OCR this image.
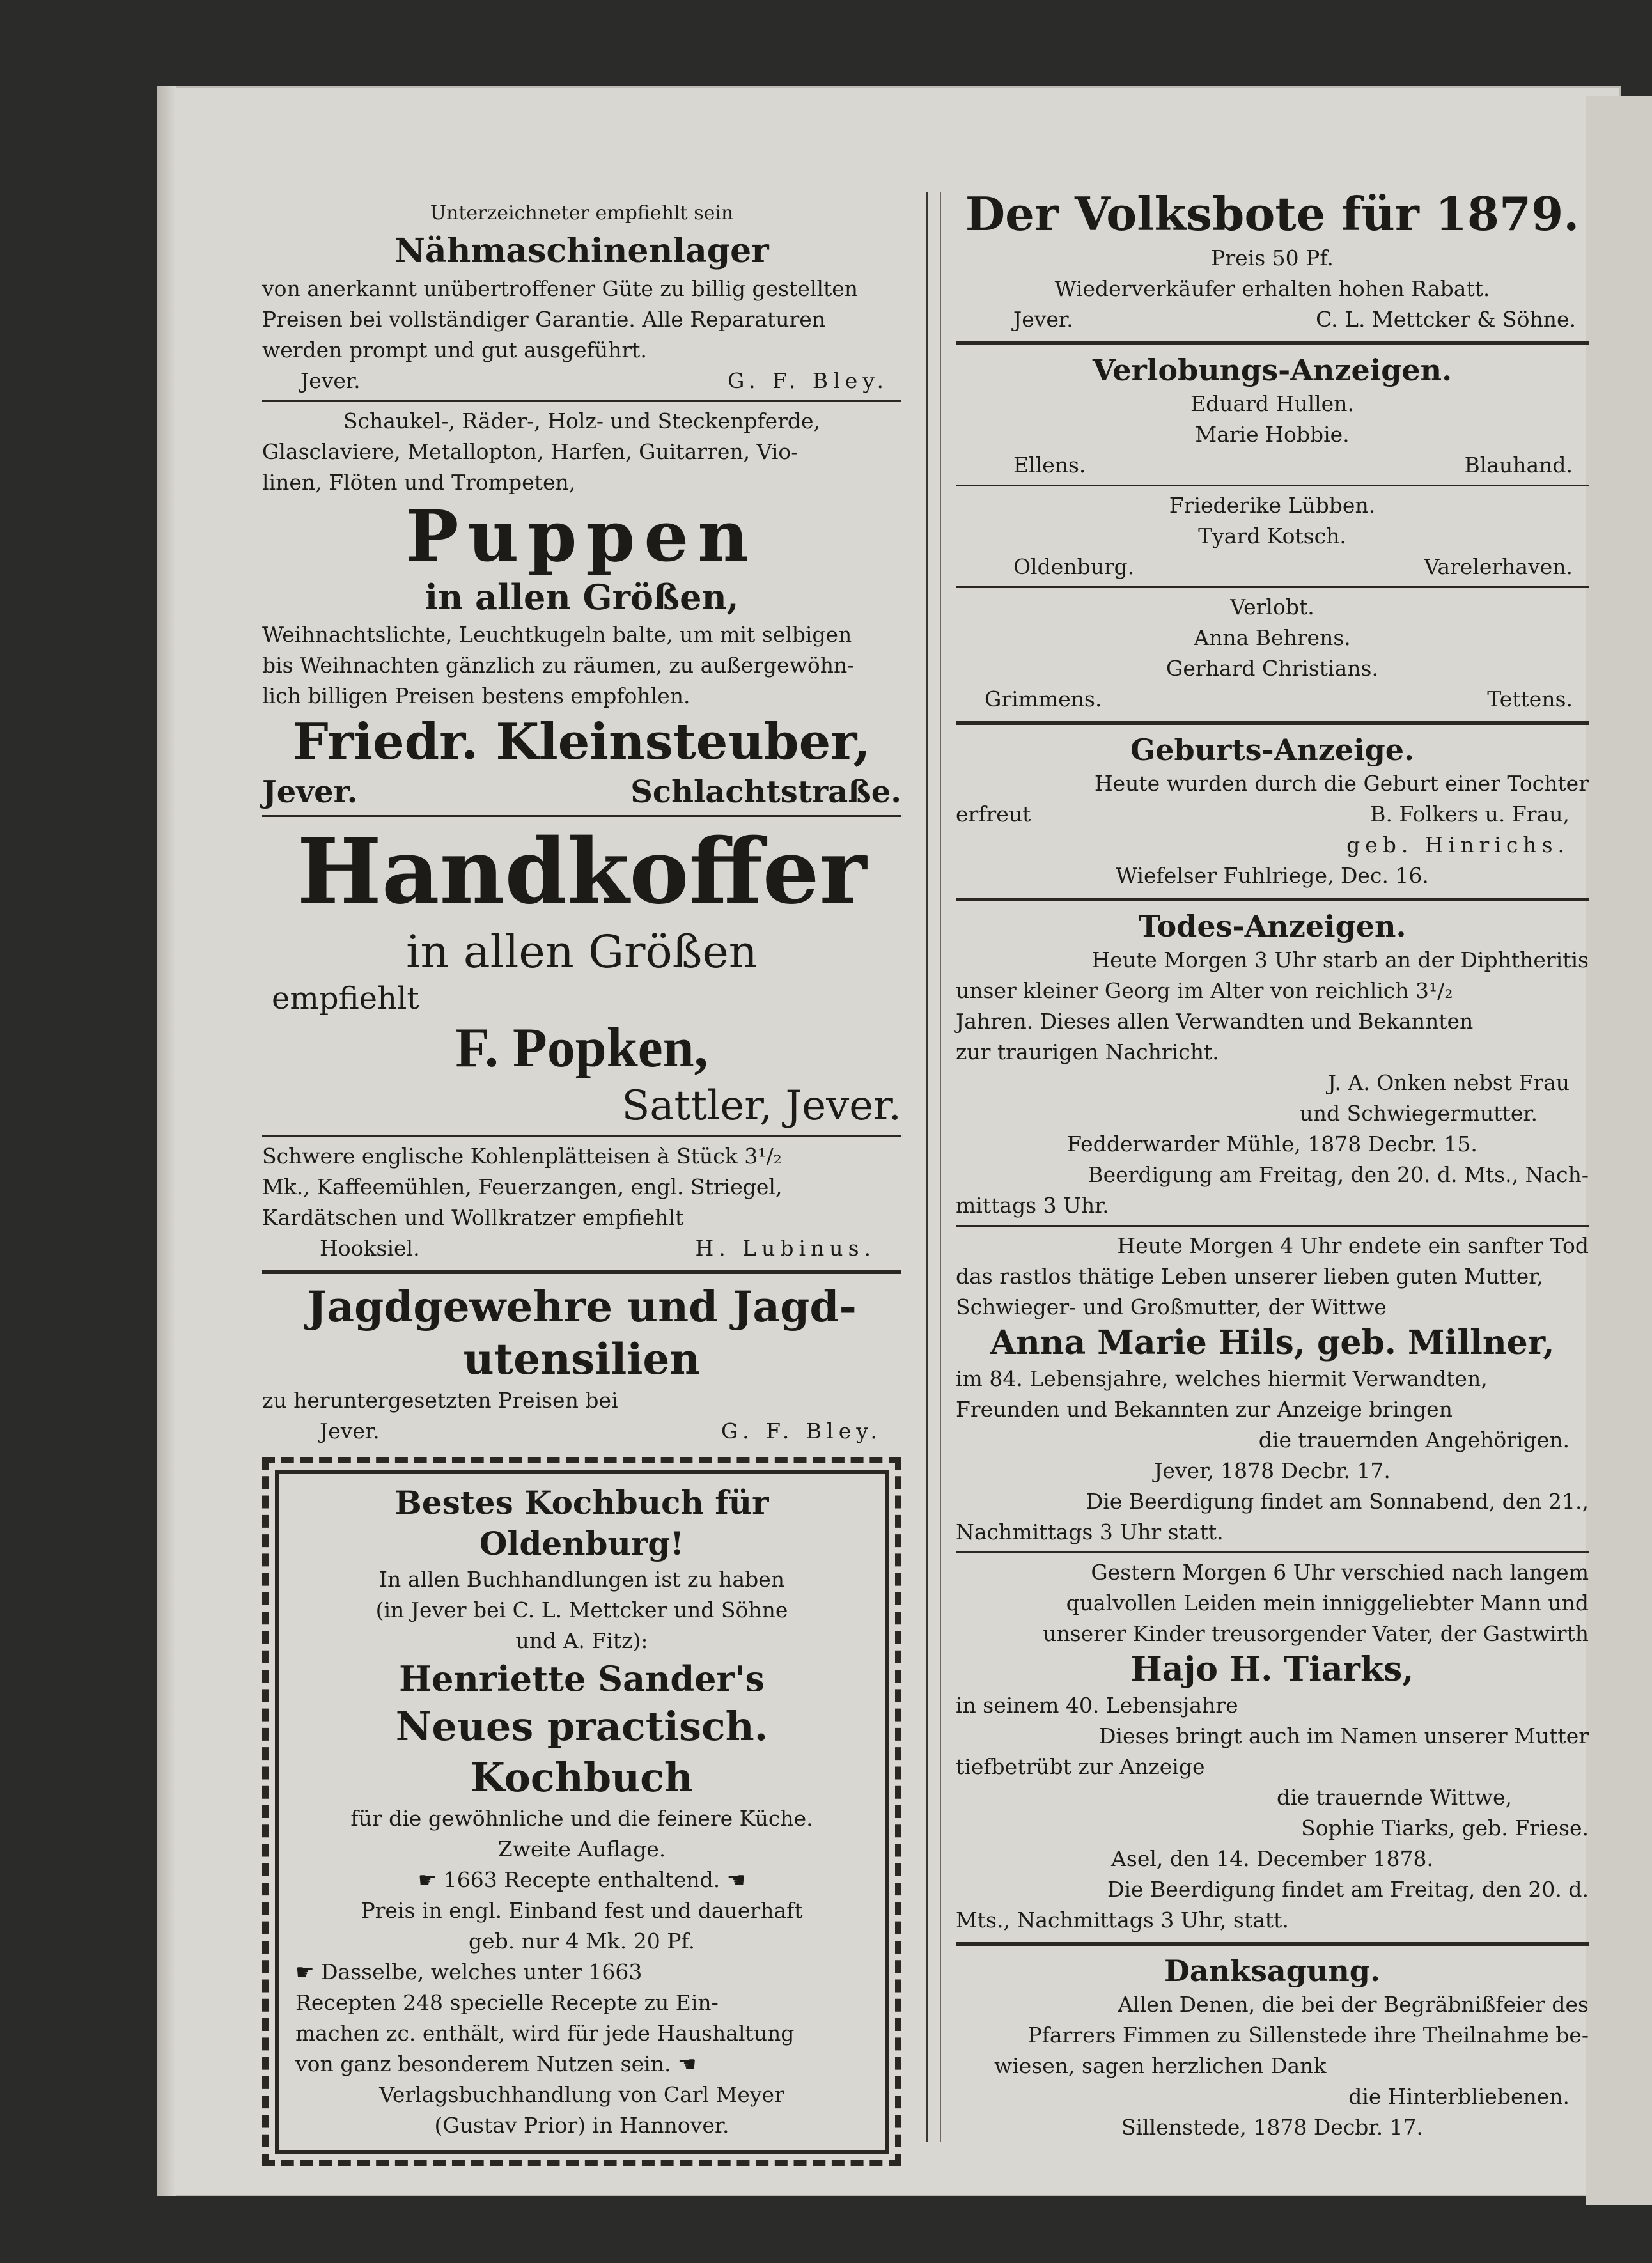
Unterzeichneter empfiehlt sein

Nähmaschinenlager

von anerkannt unübertroffener Güte zu billig gestellten

Preisen bei vollständiger Garantie. Alle Reparaturen

werden prompt und gut ausgeführt.

Jever.	G. F. Bley.

Schaukel-, Räder-, Holz- und Steckenpferde,

Glasclaviere, Metallopton, Harfen, Guitarren, Vio-

linen, Flöten und Trompeten,

Puppen

in allen Größen,

Weihnachtslichte, Leuchtkugeln balte, um mit selbigen

bis Weihnachten gänzlich zu räumen, zu außergewöhn-

lich billigen Preisen bestens empfohlen.

Friedr. Kleinsteuber,

Jever.	Schlachtstraße.

Handkoffer

in allen Größen

empfiehlt

F. Popken,

Sattler, Jever.

Schwere englische Kohlenplätteisen à Stück 3¹/₂

Mk., Kaffeemühlen, Feuerzangen, engl. Striegel,

Kardätschen und Wollkratzer empfiehlt

Hooksiel.	H. Lubinus.

Jagdgewehre und Jagd-

utensilien

zu heruntergesetzten Preisen bei

Jever.	G. F. Bley.

Bestes Kochbuch für Oldenburg!

In allen Buchhandlungen ist zu haben

(in Jever bei C. L. Mettcker und Söhne

und A. Fitz):

Henriette Sander's

Neues practisch. Kochbuch

für die gewöhnliche und die feinere Küche.

Zweite Auflage.

☛ 1663 Recepte enthaltend. ☚

Preis in engl. Einband fest und dauerhaft

geb. nur 4 Mk. 20 Pf.

☛ Dasselbe, welches unter 1663

Recepten 248 specielle Recepte zu Ein-

machen zc. enthält, wird für jede Haushaltung

von ganz besonderem Nutzen sein. ☚

Verlagsbuchhandlung von Carl Meyer

(Gustav Prior) in Hannover.

Der Volksbote für 1879.

Preis 50 Pf.

Wiederverkäufer erhalten hohen Rabatt.

Jever.	C. L. Mettcker & Söhne.

Verlobungs-Anzeigen.

Eduard Hullen.

Marie Hobbie.

Ellens.	Blauhand.

Friederike Lübben.

Tyard Kotsch.

Oldenburg.	Varelerhaven.

Verlobt.

Anna Behrens.

Gerhard Christians.

Grimmens.	Tettens.

Geburts-Anzeige.

Heute wurden durch die Geburt einer Tochter

erfreut	B. Folkers u. Frau,

geb. Hinrichs.

Wiefelser Fuhlriege, Dec. 16.

Todes-Anzeigen.

Heute Morgen 3 Uhr starb an der Diphtheritis

unser kleiner Georg im Alter von reichlich 3¹/₂

Jahren. Dieses allen Verwandten und Bekannten

zur traurigen Nachricht.

J. A. Onken nebst Frau

und Schwiegermutter.

Fedderwarder Mühle, 1878 Decbr. 15.

Beerdigung am Freitag, den 20. d. Mts., Nach-

mittags 3 Uhr.

Heute Morgen 4 Uhr endete ein sanfter Tod

das rastlos thätige Leben unserer lieben guten Mutter,

Schwieger- und Großmutter, der Wittwe

Anna Marie Hils, geb. Millner,

im 84. Lebensjahre, welches hiermit Verwandten,

Freunden und Bekannten zur Anzeige bringen

die trauernden Angehörigen.

Jever, 1878 Decbr. 17.

Die Beerdigung findet am Sonnabend, den 21.,

Nachmittags 3 Uhr statt.

Gestern Morgen 6 Uhr verschied nach langem

qualvollen Leiden mein inniggeliebter Mann und

unserer Kinder treusorgender Vater, der Gastwirth

Hajo H. Tiarks,

in seinem 40. Lebensjahre

Dieses bringt auch im Namen unserer Mutter

tiefbetrübt zur Anzeige

die trauernde Wittwe,

Sophie Tiarks, geb. Friese.

Asel, den 14. December 1878.

Die Beerdigung findet am Freitag, den 20. d.

Mts., Nachmittags 3 Uhr, statt.

Danksagung.

Allen Denen, die bei der Begräbnißfeier des

Pfarrers Fimmen zu Sillenstede ihre Theilnahme be-

wiesen, sagen herzlichen Dank

die Hinterbliebenen.

Sillenstede, 1878 Decbr. 17.
